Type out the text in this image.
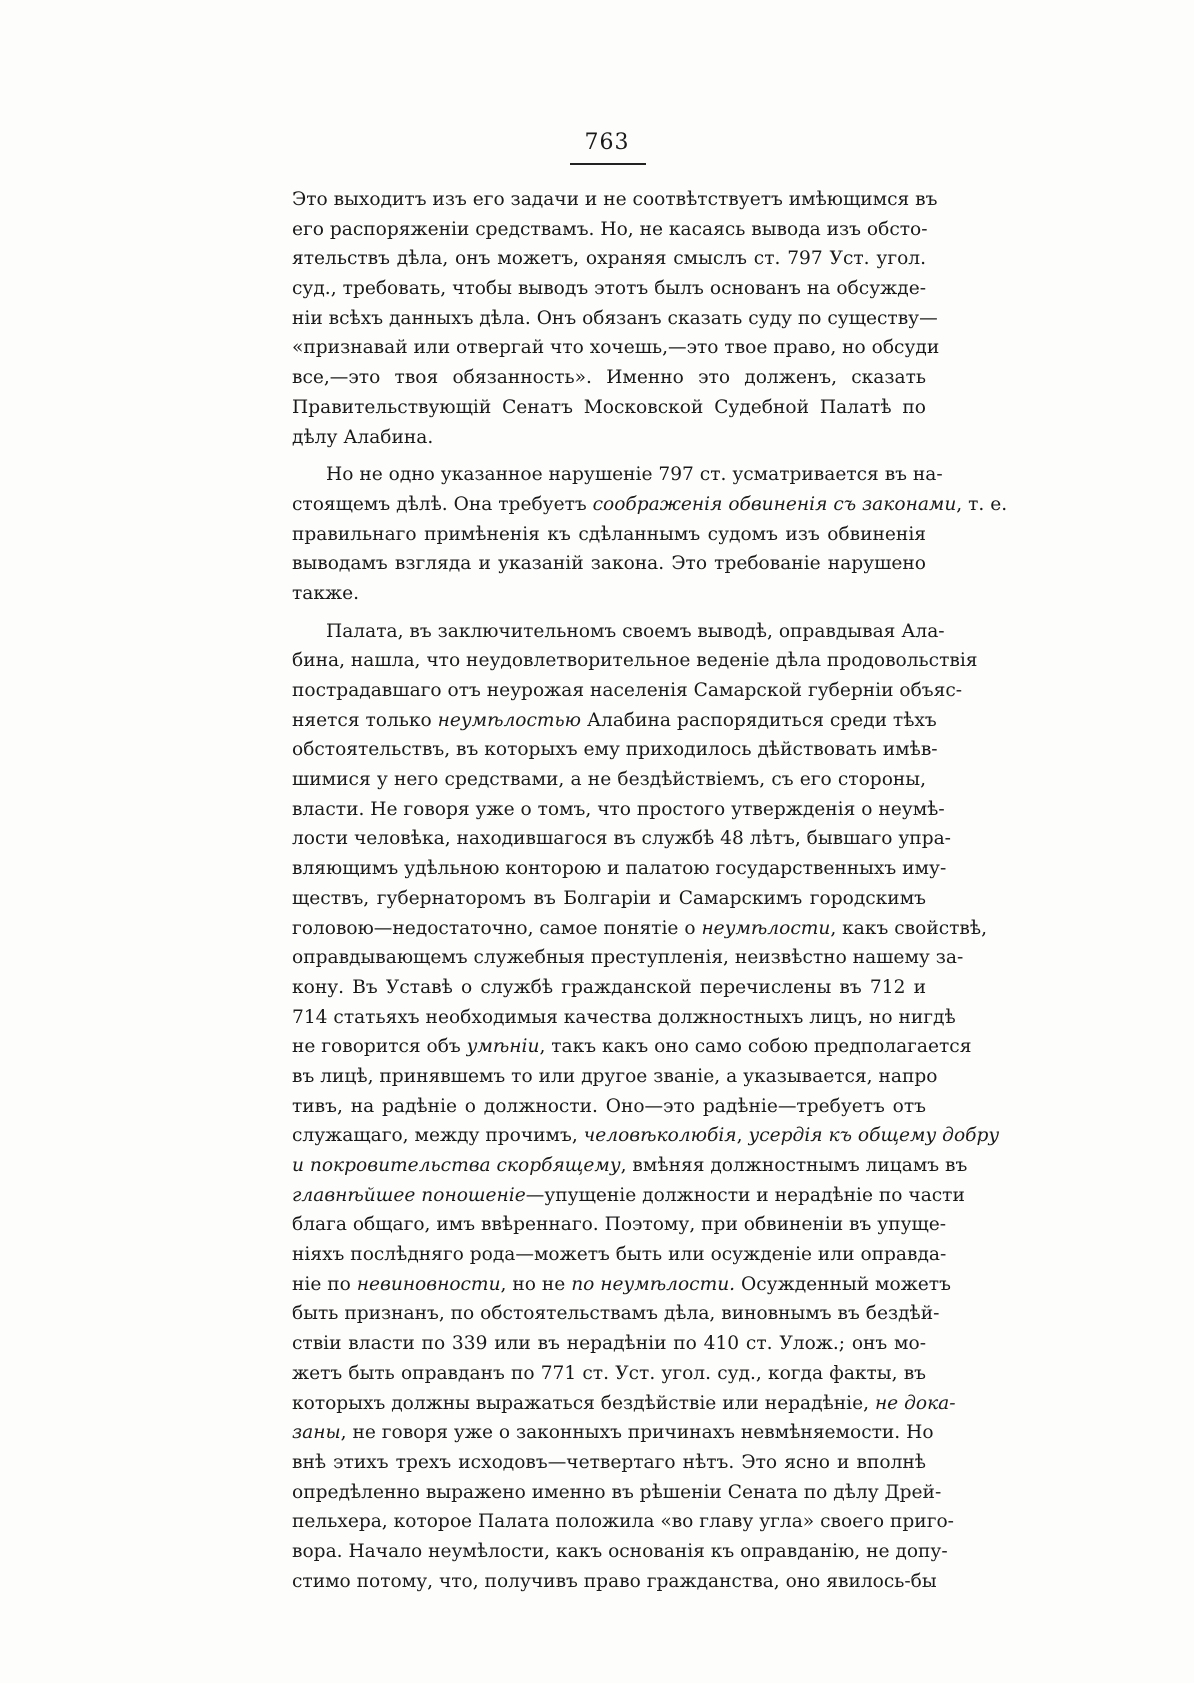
763
Это выходитъ изъ его задачи и не соотвѣтствуетъ имѣющимся въ
его распоряженіи средствамъ. Но, не касаясь вывода изъ обсто-
ятельствъ дѣла, онъ можетъ, охраняя смыслъ ст. 797 Уст. угол.
суд., требовать, чтобы выводъ этотъ былъ основанъ на обсужде-
ніи всѣхъ данныхъ дѣла. Онъ обязанъ сказать суду по существу—
«признавай или отвергай что хочешь,—это твое право, но обсуди
все,—это твоя обязанность». Именно это долженъ, сказать
Правительствующій Сенатъ Московской Судебной Палатѣ по
дѣлу Алабина.
Но не одно указанное нарушеніе 797 ст. усматривается въ на-
стоящемъ дѣлѣ. Она требуетъ соображенія обвиненія съ законами, т. е.
правильнаго примѣненія къ сдѣланнымъ судомъ изъ обвиненія
выводамъ взгляда и указаній закона. Это требованіе нарушено
также.
Палата, въ заключительномъ своемъ выводѣ, оправдывая Ала-
бина, нашла, что неудовлетворительное веденіе дѣла продовольствія
пострадавшаго отъ неурожая населенія Самарской губерніи объяс-
няется только неумѣлостью Алабина распорядиться среди тѣхъ
обстоятельствъ, въ которыхъ ему приходилось дѣйствовать имѣв-
шимися у него средствами, а не бездѣйствіемъ, съ его стороны,
власти. Не говоря уже о томъ, что простого утвержденія о неумѣ-
лости человѣка, находившагося въ службѣ 48 лѣтъ, бывшаго упра-
вляющимъ удѣльною конторою и палатою государственныхъ иму-
ществъ, губернаторомъ въ Болгаріи и Самарскимъ городскимъ
головою—недостаточно, самое понятіе о неумѣлости, какъ свойствѣ,
оправдывающемъ служебныя преступленія, неизвѣстно нашему за-
кону. Въ Уставѣ о службѣ гражданской перечислены въ 712 и
714 статьяхъ необходимыя качества должностныхъ лицъ, но нигдѣ
не говорится объ умѣніи, такъ какъ оно само собою предполагается
въ лицѣ, принявшемъ то или другое званіе, а указывается, напро
тивъ, на радѣніе о должности. Оно—это радѣніе—требуетъ отъ
служащаго, между прочимъ, человѣколюбія, усердія къ общему добру
и покровительства скорбящему, вмѣняя должностнымъ лицамъ въ
главнѣйшее поношеніе—упущеніе должности и нерадѣніе по части
блага общаго, имъ ввѣреннаго. Поэтому, при обвиненіи въ упуще-
ніяхъ послѣдняго рода—можетъ быть или осужденіе или оправда-
ніе по невиновности, но не по неумѣлости. Осужденный можетъ
быть признанъ, по обстоятельствамъ дѣла, виновнымъ въ бездѣй-
ствіи власти по 339 или въ нерадѣніи по 410 ст. Улож.; онъ мо-
жетъ быть оправданъ по 771 ст. Уст. угол. суд., когда факты, въ
которыхъ должны выражаться бездѣйствіе или нерадѣніе, не дока-
заны, не говоря уже о законныхъ причинахъ невмѣняемости. Но
внѣ этихъ трехъ исходовъ—четвертаго нѣтъ. Это ясно и вполнѣ
опредѣленно выражено именно въ рѣшеніи Сената по дѣлу Дрей-
пельхера, которое Палата положила «во главу угла» своего приго-
вора. Начало неумѣлости, какъ основанія къ оправданію, не допу-
стимо потому, что, получивъ право гражданства, оно явилось-бы
